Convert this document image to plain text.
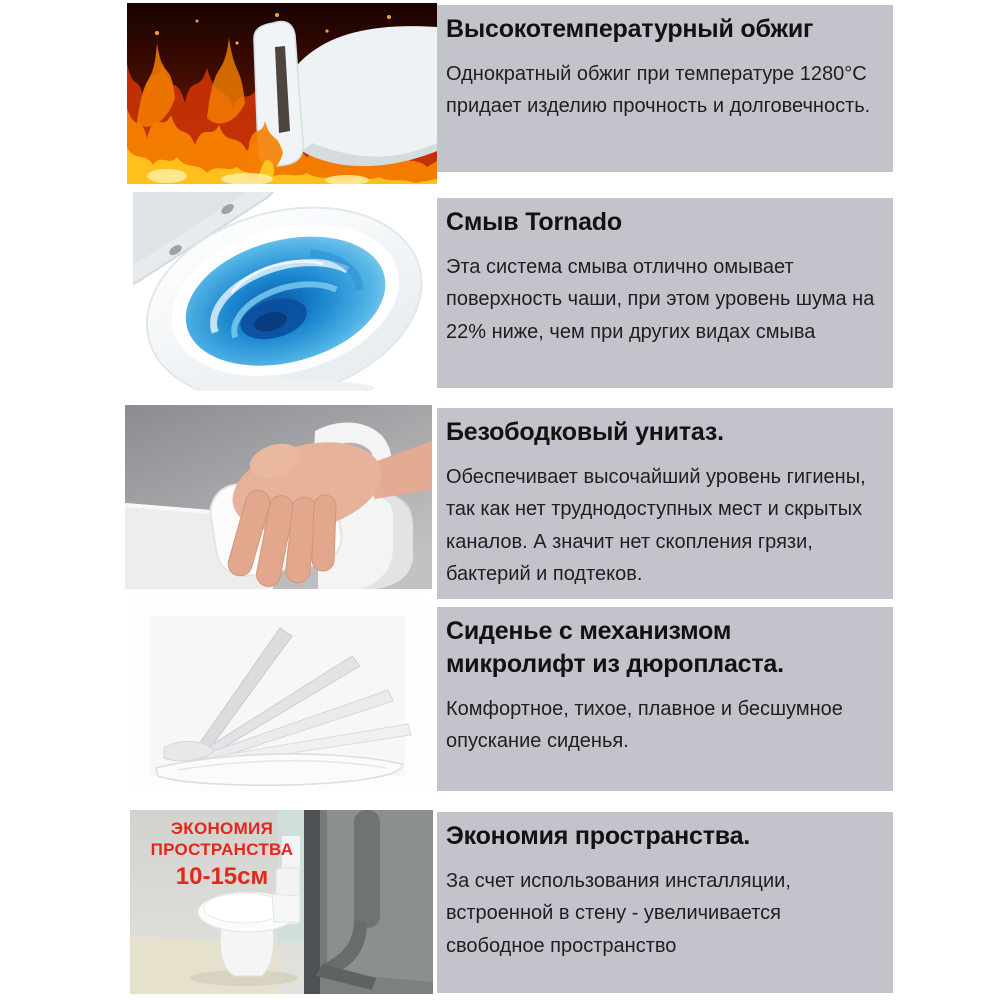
Высокотемпературный обжиг

Однократный обжиг при температуре 1280°C придает изделию прочность и долговечность.

Смыв Tornado

Эта система смыва отлично омывает поверхность чаши, при этом уровень шума на 22% ниже, чем при других видах смыва

Безободковый унитаз.

Обеспечивает высочайший уровень гигиены, так как нет труднодоступных мест и скрытых каналов. А значит нет скопления грязи, бактерий и подтеков.

Сиденье с механизмом микролифт из дюропласта.

Комфортное, тихое, плавное и бесшумное опускание сиденья.

ЭКОНОМИЯ
ПРОСТРАНСТВА
10-15см
Экономия пространства.

За счет использования инсталляции, встроенной в стену - увеличивается свободное пространство
